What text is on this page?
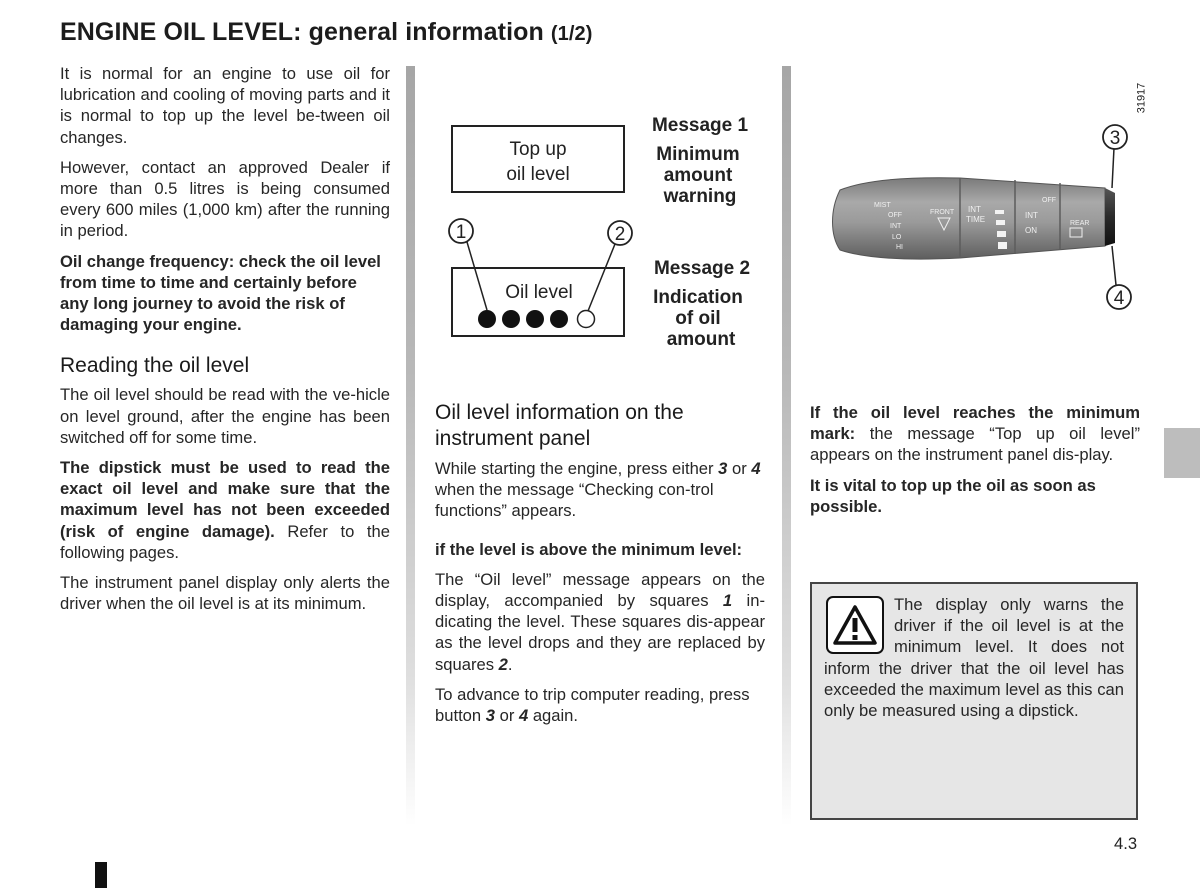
ENGINE OIL LEVEL: general information (1/2)

It is normal for an engine to use oil for lubrication and cooling of moving parts and it is normal to top up the level be-tween oil changes.

However, contact an approved Dealer if more than 0.5 litres is being consumed every 600 miles (1,000 km) after the running in period.

Oil change frequency: check the oil level from time to time and certainly before any long journey to avoid the risk of damaging your engine.

Reading the oil level

The oil level should be read with the ve-hicle on level ground, after the engine has been switched off for some time.

The dipstick must be used to read the exact oil level and make sure that the maximum level has not been exceeded (risk of engine damage). Refer to the following pages.

The instrument panel display only alerts the driver when the oil level is at its minimum.

Top up
oil level
Message 1
Minimum
amount
warning
Oil level
1	2
Message 2
Indication
of oil
amount
MIST
OFF
INT
LO
HI
FRONT INT
TIME
OFF
INT
ON
REAR
3
4
31917
Oil level information on the instrument panel

While starting the engine, press either 3 or 4 when the message “Checking con-trol functions” appears.

if the level is above the minimum level:

The “Oil level” message appears on the display, accompanied by squares 1 in-dicating the level. These squares dis-appear as the level drops and they are replaced by squares 2.

To advance to trip computer reading, press button 3 or 4 again.

If the oil level reaches the minimum mark: the message “Top up oil level” appears on the instrument panel dis-play.

It is vital to top up the oil as soon as possible.

The display only warns the driver if the oil level is at the minimum level. It does not inform the driver that the oil level has exceeded the maximum level as this can only be measured using a dipstick.
4.3
